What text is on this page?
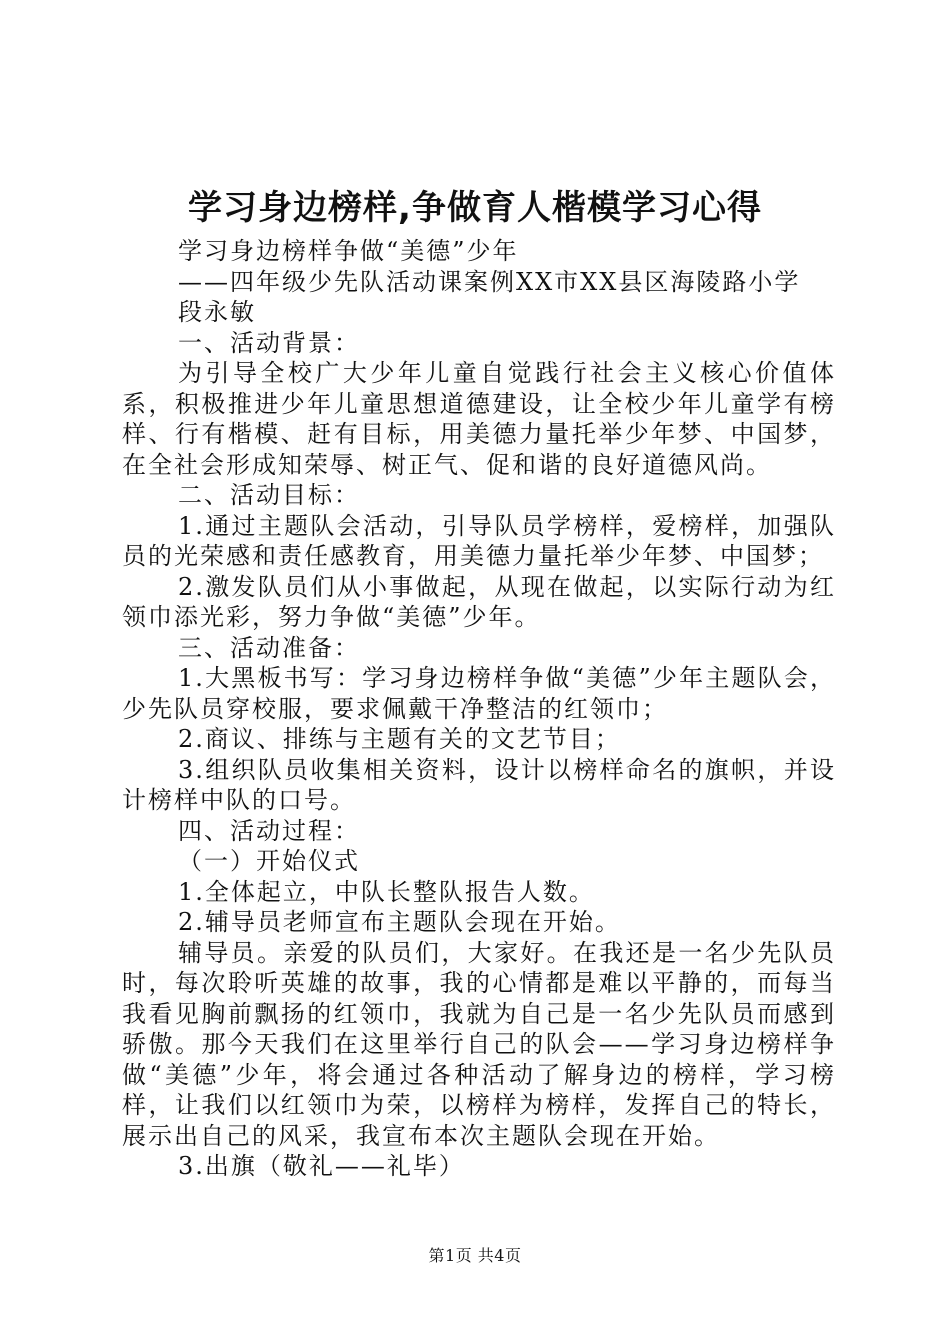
学习身边榜样,争做育人楷模学习心得

学习身边榜样争做“美德”少年

——四年级少先队活动课案例XX市XX县区海陵路小学

段永敏

一、活动背景：

为引导全校广大少年儿童自觉践行社会主义核心价值体系，积极推进少年儿童思想道德建设，让全校少年儿童学有榜样、行有楷模、赶有目标，用美德力量托举少年梦、中国梦，在全社会形成知荣辱、树正气、促和谐的良好道德风尚。

二、活动目标：

1.通过主题队会活动，引导队员学榜样，爱榜样，加强队员的光荣感和责任感教育，用美德力量托举少年梦、中国梦；

2.激发队员们从小事做起，从现在做起，以实际行动为红领巾添光彩，努力争做“美德”少年。

三、活动准备：

1.大黑板书写：学习身边榜样争做“美德”少年主题队会，少先队员穿校服，要求佩戴干净整洁的红领巾；

2.商议、排练与主题有关的文艺节目；

3.组织队员收集相关资料，设计以榜样命名的旗帜，并设计榜样中队的口号。

四、活动过程：

（一）开始仪式

1.全体起立，中队长整队报告人数。

2.辅导员老师宣布主题队会现在开始。

辅导员。亲爱的队员们，大家好。在我还是一名少先队员时，每次聆听英雄的故事，我的心情都是难以平静的，而每当我看见胸前飘扬的红领巾，我就为自己是一名少先队员而感到骄傲。那今天我们在这里举行自己的队会——学习身边榜样争做“美德”少年，将会通过各种活动了解身边的榜样，学习榜样，让我们以红领巾为荣，以榜样为榜样，发挥自己的特长，展示出自己的风采，我宣布本次主题队会现在开始。

3.出旗（敬礼——礼毕）

第1页 共4页
